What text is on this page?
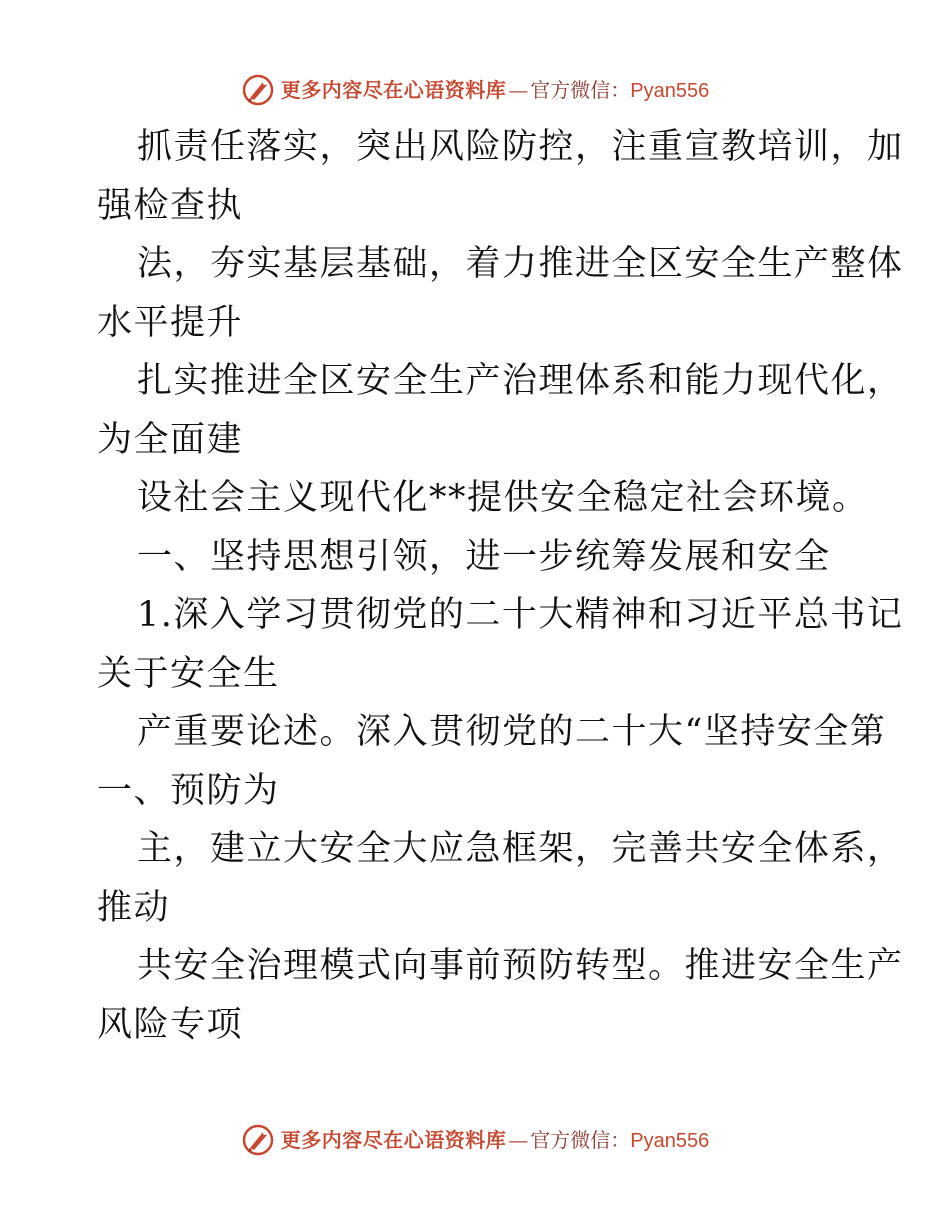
更多内容尽在心语资料库 — 官方微信： Pyan556
抓责任落实，突出风险防控，注重宣教培训，加
强检查执
法，夯实基层基础，着力推进全区安全生产整体
水平提升
扎实推进全区安全生产治理体系和能力现代化，
为全面建
设社会主义现代化**提供安全稳定社会环境。
一、坚持思想引领，进一步统筹发展和安全
1.深入学习贯彻党的二十大精神和习近平总书记
关于安全生
产重要论述。深入贯彻党的二十大“坚持安全第
一、预防为
主，建立大安全大应急框架，完善共安全体系，
推动
共安全治理模式向事前预防转型。推进安全生产
风险专项
更多内容尽在心语资料库 — 官方微信： Pyan556
